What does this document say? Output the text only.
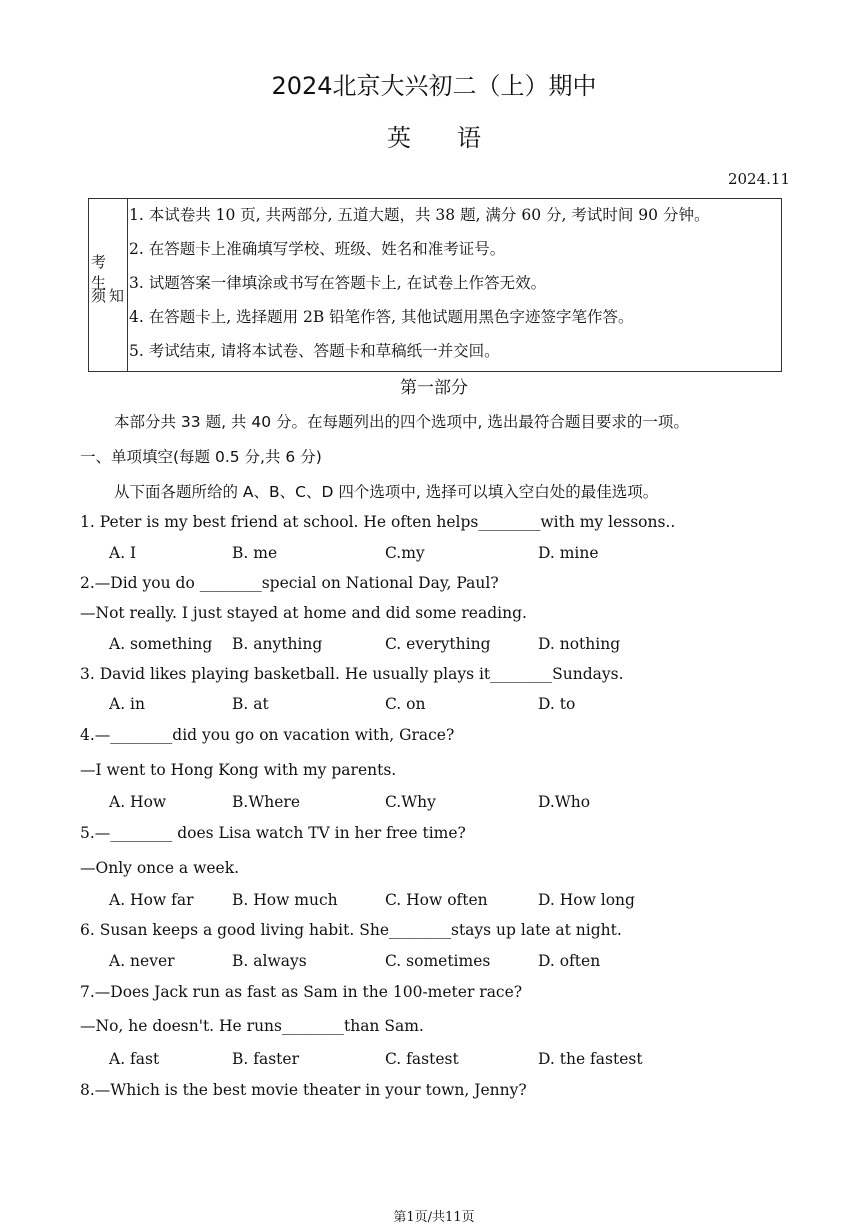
2024北京大兴初二（上）期中
英语
2024.11
考 生
须知
1. 本试卷共 10 页, 共两部分, 五道大题，共 38 题, 满分 60 分, 考试时间 90 分钟。
2. 在答题卡上准确填写学校、班级、姓名和准考证号。
3. 试题答案一律填涂或书写在答题卡上, 在试卷上作答无效。
4. 在答题卡上, 选择题用 2B 铅笔作答, 其他试题用黑色字迹签字笔作答。
5. 考试结束, 请将本试卷、答题卡和草稿纸一并交回。
第一部分
本部分共 33 题, 共 40 分。在每题列出的四个选项中, 选出最符合题目要求的一项。
一、单项填空(每题 0.5 分,共 6 分)
从下面各题所给的 A、B、C、D 四个选项中, 选择可以填入空白处的最佳选项。
1. Peter is my best friend at school. He often helps________with my lessons..
A. I	B. me	C.my	D. mine
2.—Did you do ________special on National Day, Paul?
—Not really. I just stayed at home and did some reading.
A. something B. anything	C. everything	D. nothing
3. David likes playing basketball. He usually plays it________Sundays.
A. in	B. at	C. on	D. to
4.—________did you go on vacation with, Grace?
—I went to Hong Kong with my parents.
A. How	B.Where	C.Why	D.Who
5.—________ does Lisa watch TV in her free time?
—Only once a week.
A. How far B. How much	C. How often	D. How long
6. Susan keeps a good living habit. She________stays up late at night.
A. never	B. always	C. sometimes	D. often
7.—Does Jack run as fast as Sam in the 100-meter race?
—No, he doesn't. He runs________than Sam.
A. fast	B. faster	C. fastest	D. the fastest
8.—Which is the best movie theater in your town, Jenny?
第1页/共11页
